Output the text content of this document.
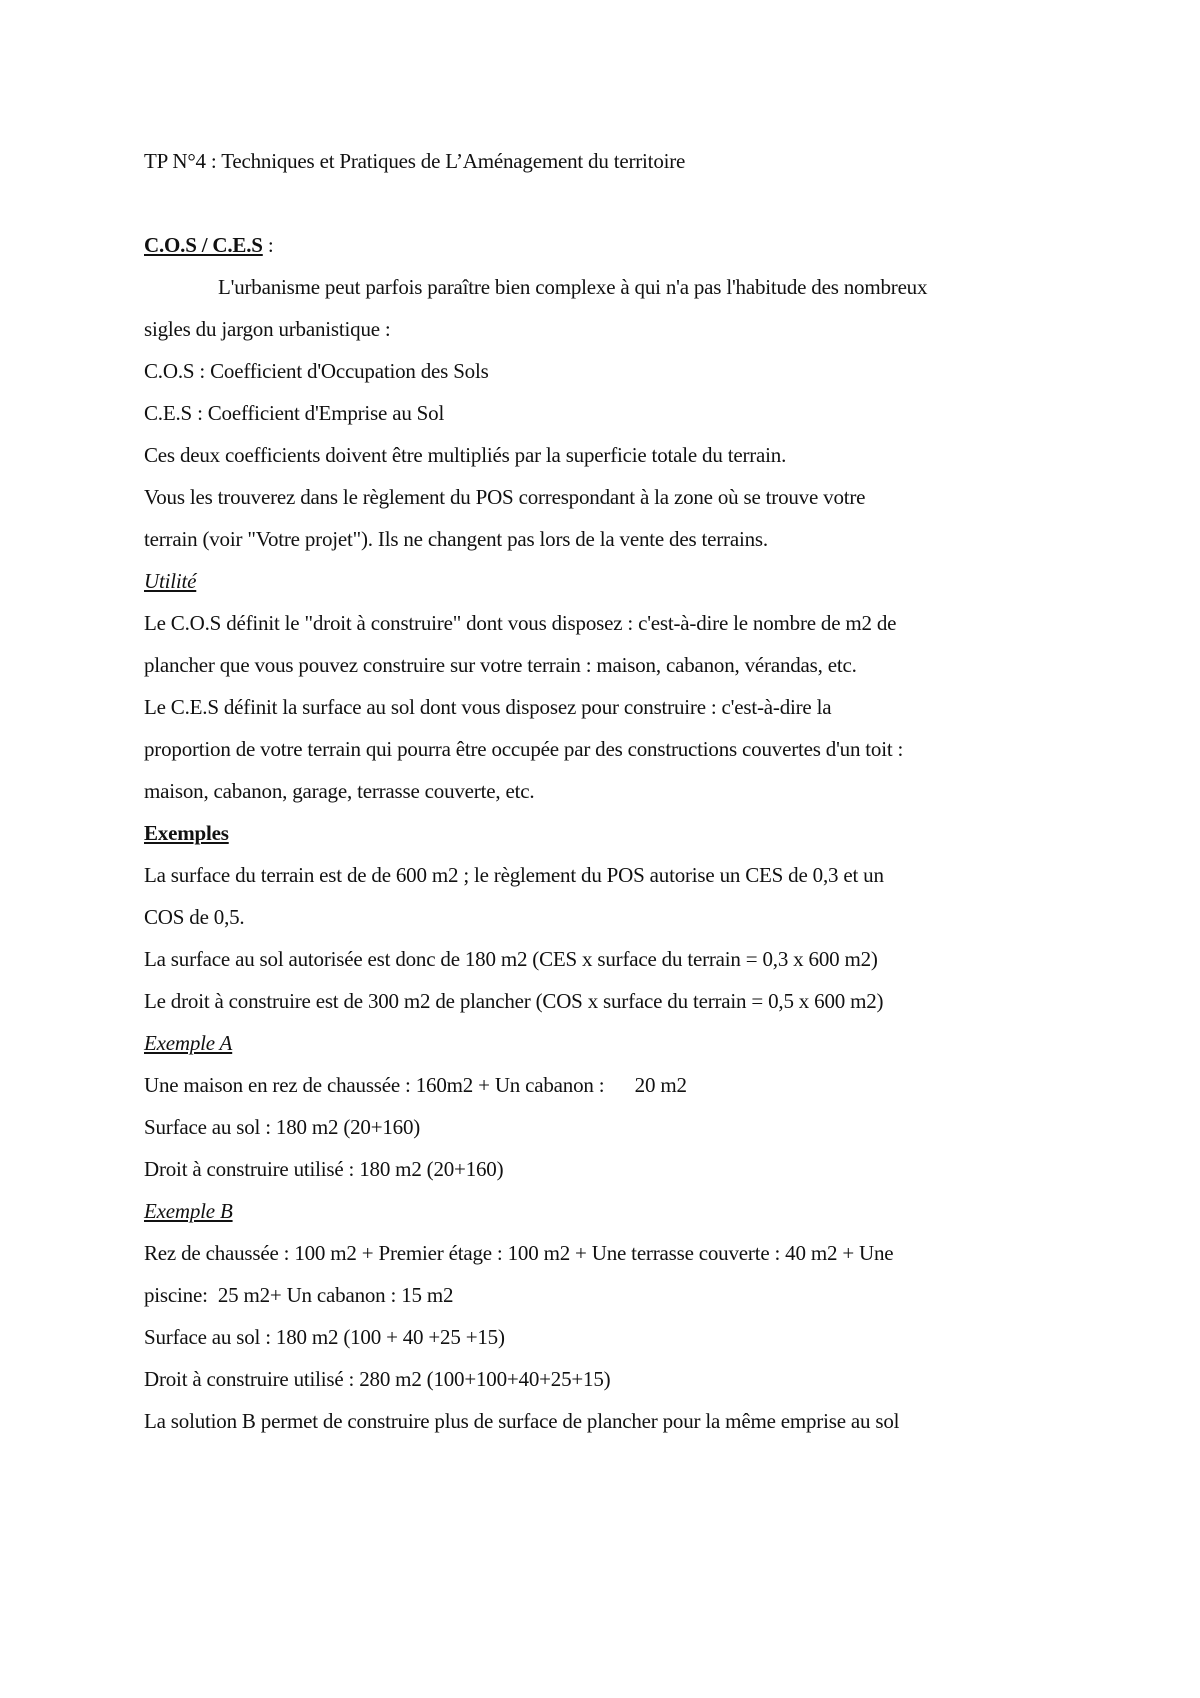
TP N°4 : Techniques et Pratiques de L’Aménagement du territoire
C.O.S / C.E.S :
L'urbanisme peut parfois paraître bien complexe à qui n'a pas l'habitude des nombreux
sigles du jargon urbanistique :
C.O.S : Coefficient d'Occupation des Sols
C.E.S : Coefficient d'Emprise au Sol
Ces deux coefficients doivent être multipliés par la superficie totale du terrain.
Vous les trouverez dans le règlement du POS correspondant à la zone où se trouve votre
terrain (voir "Votre projet"). Ils ne changent pas lors de la vente des terrains.
Utilité
Le C.O.S définit le "droit à construire" dont vous disposez : c'est-à-dire le nombre de m2 de
plancher que vous pouvez construire sur votre terrain : maison, cabanon, vérandas, etc.
Le C.E.S définit la surface au sol dont vous disposez pour construire : c'est-à-dire la
proportion de votre terrain qui pourra être occupée par des constructions couvertes d'un toit :
maison, cabanon, garage, terrasse couverte, etc.
Exemples
La surface du terrain est de de 600 m2 ; le règlement du POS autorise un CES de 0,3 et un
COS de 0,5.
La surface au sol autorisée est donc de 180 m2 (CES x surface du terrain = 0,3 x 600 m2)
Le droit à construire est de 300 m2 de plancher (COS x surface du terrain = 0,5 x 600 m2)
Exemple A
Une maison en rez de chaussée : 160m2 + Un cabanon :      20 m2
Surface au sol : 180 m2 (20+160)
Droit à construire utilisé : 180 m2 (20+160)
Exemple B
Rez de chaussée : 100 m2 + Premier étage : 100 m2 + Une terrasse couverte : 40 m2 + Une
piscine:  25 m2+ Un cabanon : 15 m2
Surface au sol : 180 m2 (100 + 40 +25 +15)
Droit à construire utilisé : 280 m2 (100+100+40+25+15)
La solution B permet de construire plus de surface de plancher pour la même emprise au sol
